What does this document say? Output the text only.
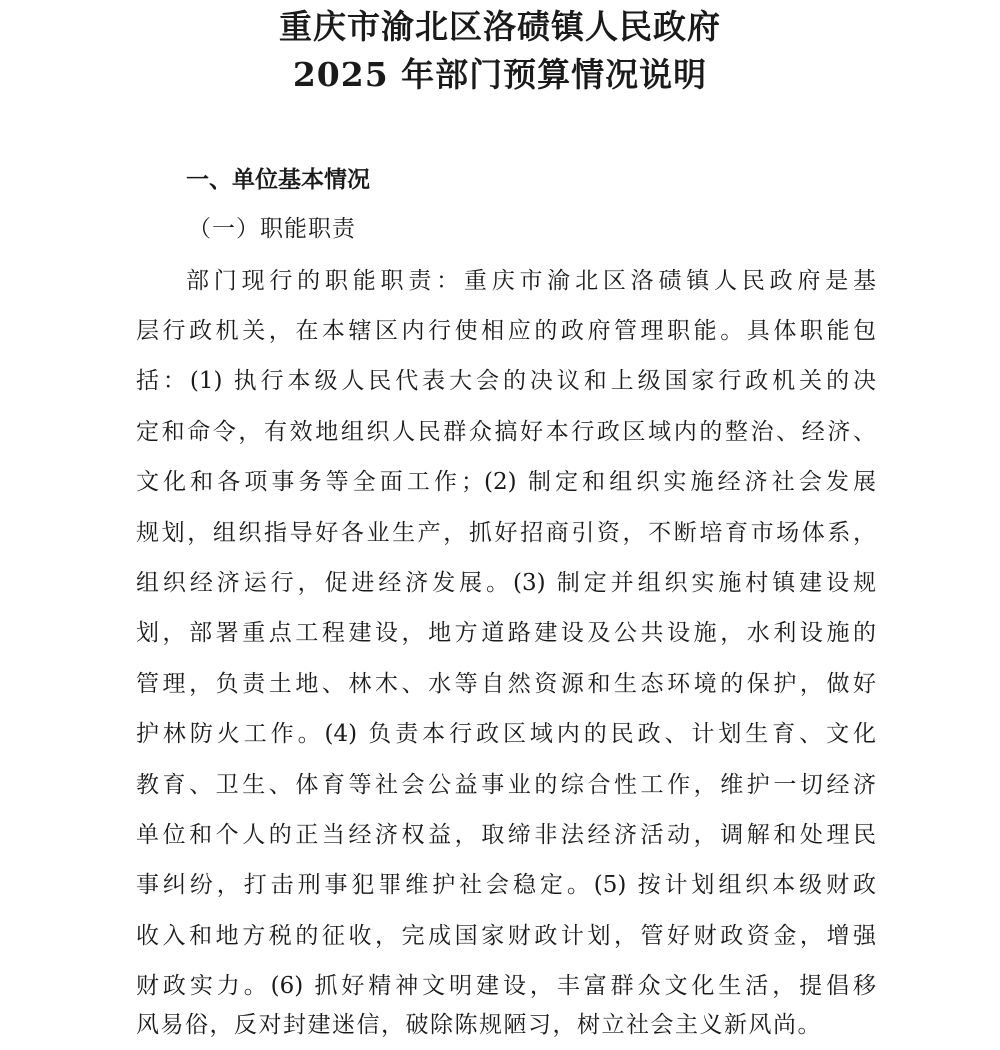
重庆市渝北区洛碛镇人民政府
2025 年部门预算情况说明
一、单位基本情况
（一）职能职责
部门现行的职能职责：重庆市渝北区洛碛镇人民政府是基
层行政机关，在本辖区内行使相应的政府管理职能。具体职能包
括：(1) 执行本级人民代表大会的决议和上级国家行政机关的决
定和命令，有效地组织人民群众搞好本行政区域内的整治、经济、
文化和各项事务等全面工作；(2) 制定和组织实施经济社会发展
规划，组织指导好各业生产，抓好招商引资，不断培育市场体系，
组织经济运行，促进经济发展。(3) 制定并组织实施村镇建设规
划，部署重点工程建设，地方道路建设及公共设施，水利设施的
管理，负责土地、林木、水等自然资源和生态环境的保护，做好
护林防火工作。(4) 负责本行政区域内的民政、计划生育、文化
教育、卫生、体育等社会公益事业的综合性工作，维护一切经济
单位和个人的正当经济权益，取缔非法经济活动，调解和处理民
事纠纷，打击刑事犯罪维护社会稳定。(5) 按计划组织本级财政
收入和地方税的征收，完成国家财政计划，管好财政资金，增强
财政实力。(6) 抓好精神文明建设，丰富群众文化生活，提倡移
风易俗，反对封建迷信，破除陈规陋习，树立社会主义新风尚。
